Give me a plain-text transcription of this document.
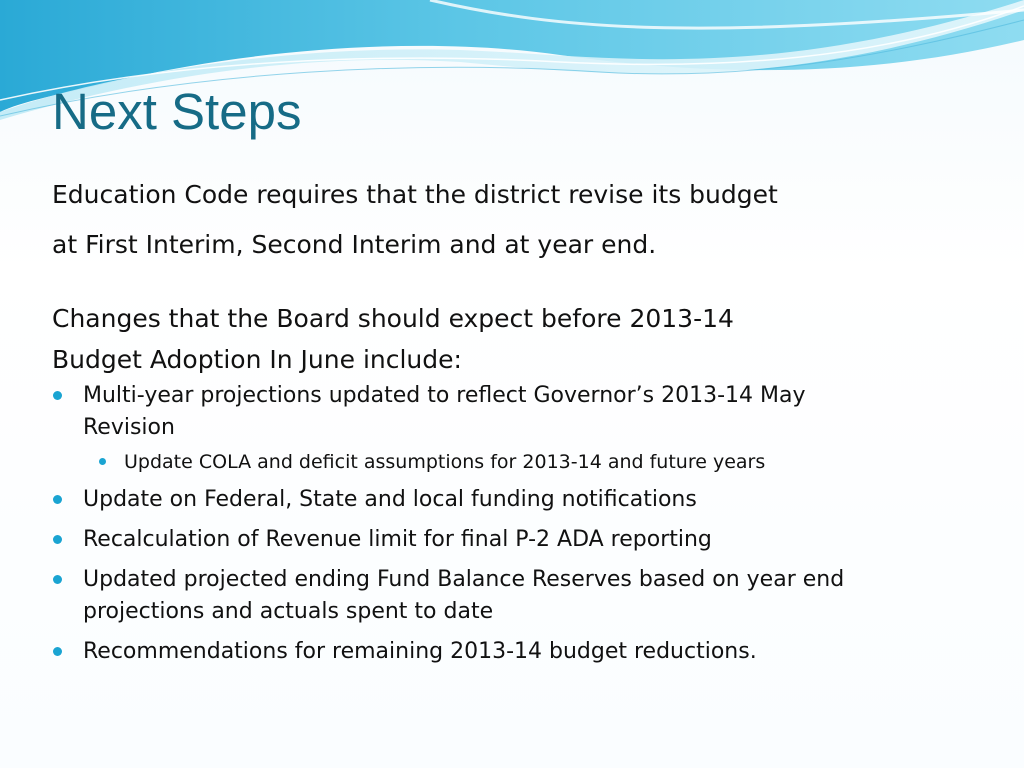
Next Steps

Education Code requires that the district revise its budget
at First Interim, Second Interim and at year end.

Changes that the Board should expect before 2013-14
Budget Adoption In June include:

Multi-year projections updated to reflect Governor’s 2013-14 May
Revision
Update COLA and deficit assumptions for 2013-14 and future years
Update on Federal, State and local funding notifications
Recalculation of Revenue limit for final P-2 ADA reporting
Updated projected ending Fund Balance Reserves based on year end
projections and actuals spent to date
Recommendations for remaining 2013-14 budget reductions.
